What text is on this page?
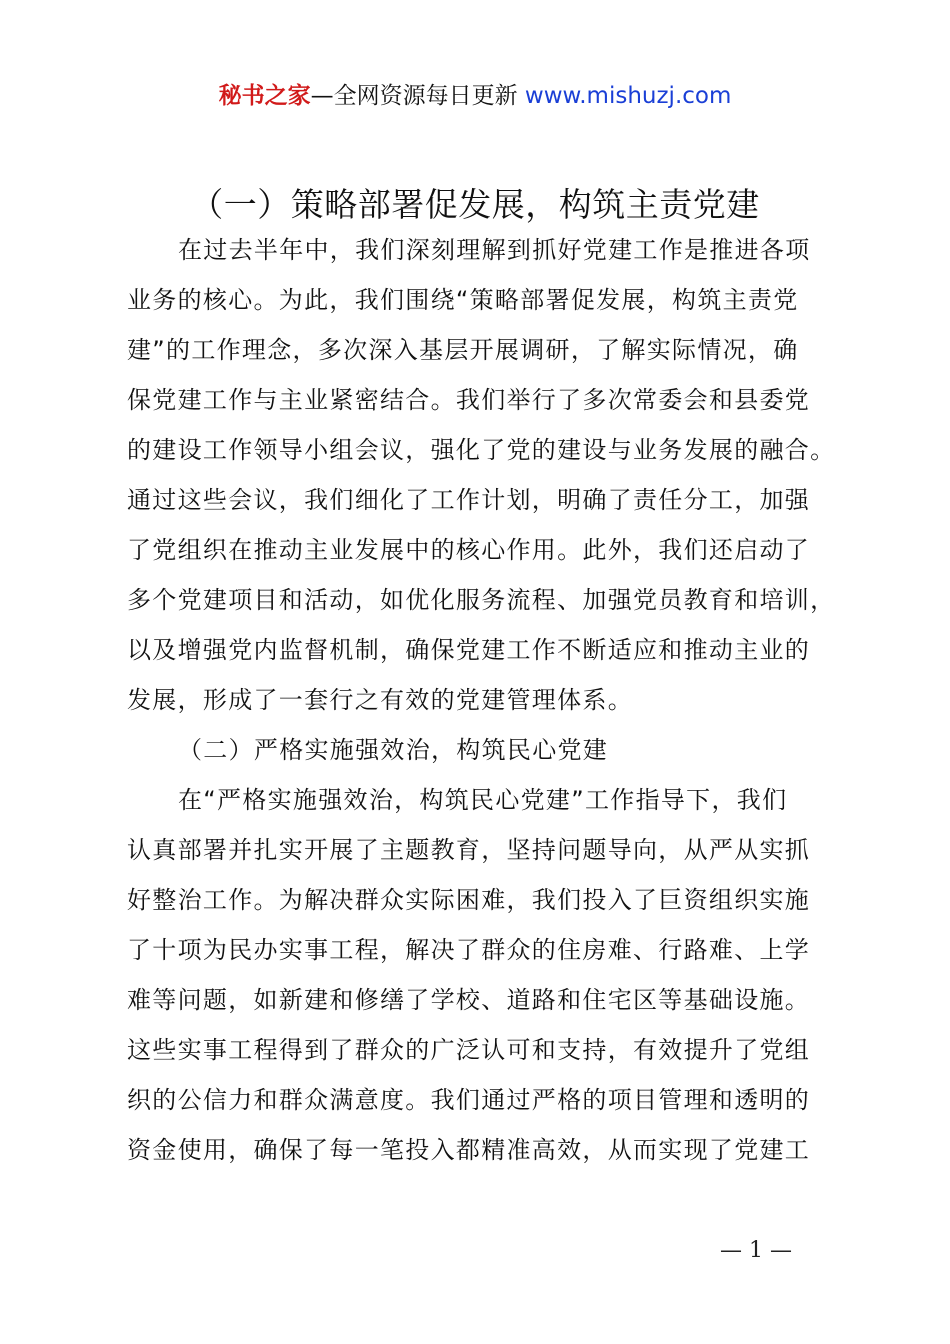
秘书之家—全网资源每日更新 www.mishuzj.com
（一）策略部署促发展，构筑主责党建
在过去半年中，我们深刻理解到抓好党建工作是推进各项
业务的核心。为此，我们围绕“策略部署促发展，构筑主责党
建”的工作理念，多次深入基层开展调研，了解实际情况，确
保党建工作与主业紧密结合。我们举行了多次常委会和县委党
的建设工作领导小组会议，强化了党的建设与业务发展的融合。
通过这些会议，我们细化了工作计划，明确了责任分工，加强
了党组织在推动主业发展中的核心作用。此外，我们还启动了
多个党建项目和活动，如优化服务流程、加强党员教育和培训，
以及增强党内监督机制，确保党建工作不断适应和推动主业的
发展，形成了一套行之有效的党建管理体系。
（二）严格实施强效治，构筑民心党建
在“严格实施强效治，构筑民心党建”工作指导下，我们
认真部署并扎实开展了主题教育，坚持问题导向，从严从实抓
好整治工作。为解决群众实际困难，我们投入了巨资组织实施
了十项为民办实事工程，解决了群众的住房难、行路难、上学
难等问题，如新建和修缮了学校、道路和住宅区等基础设施。
这些实事工程得到了群众的广泛认可和支持，有效提升了党组
织的公信力和群众满意度。我们通过严格的项目管理和透明的
资金使用，确保了每一笔投入都精准高效，从而实现了党建工
— 1 —
